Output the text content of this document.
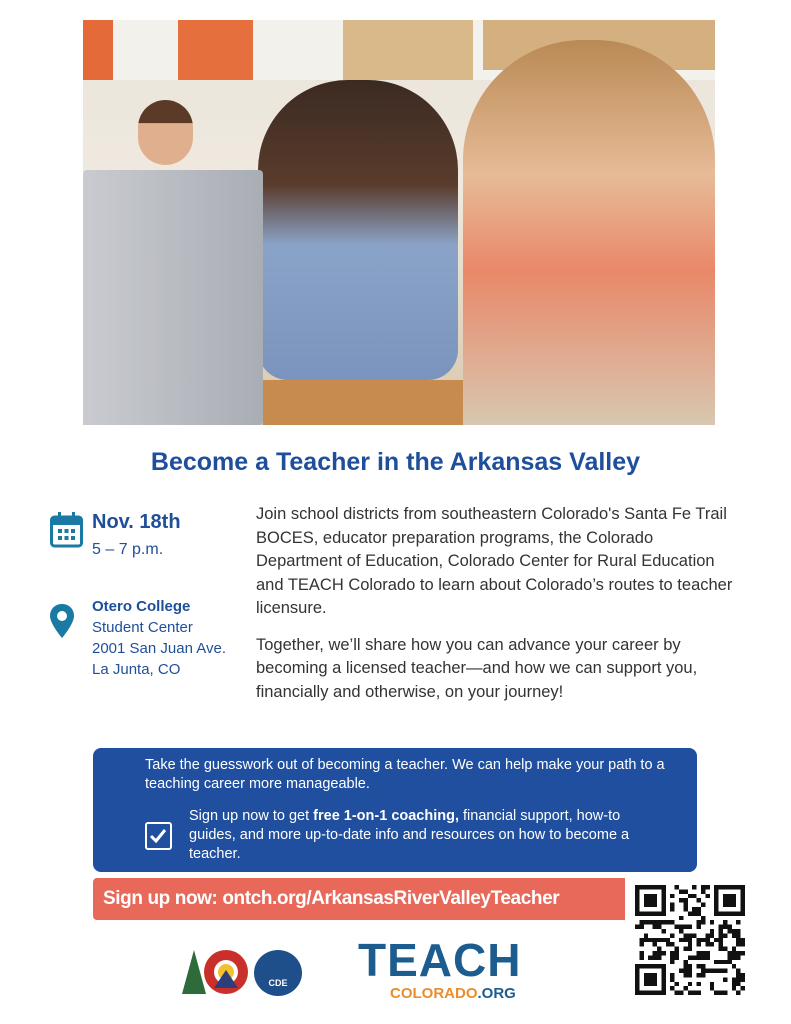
Become a Teacher in the Arkansas Valley
Nov. 18th
5 – 7 p.m.
Otero College
Student Center
2001 San Juan Ave.
La Junta, CO

Join school districts from southeastern Colorado's Santa Fe Trail BOCES, educator preparation programs, the Colorado Department of Education, Colorado Center for Rural Education and TEACH Colorado to learn about Colorado’s routes to teacher licensure.

Together, we’ll share how you can advance your career by becoming a licensed teacher—and how we can support you, financially and otherwise, on your journey!

Take the guesswork out of becoming a teacher. We can help make your path to a teaching career more manageable.
Sign up now to get free 1-on-1 coaching, financial support, how-to guides, and more up-to-date info and resources on how to become a teacher.
Sign up now: ontch.org/ArkansasRiverValleyTeacher
CDE	TEACH
COLORADO.ORG
